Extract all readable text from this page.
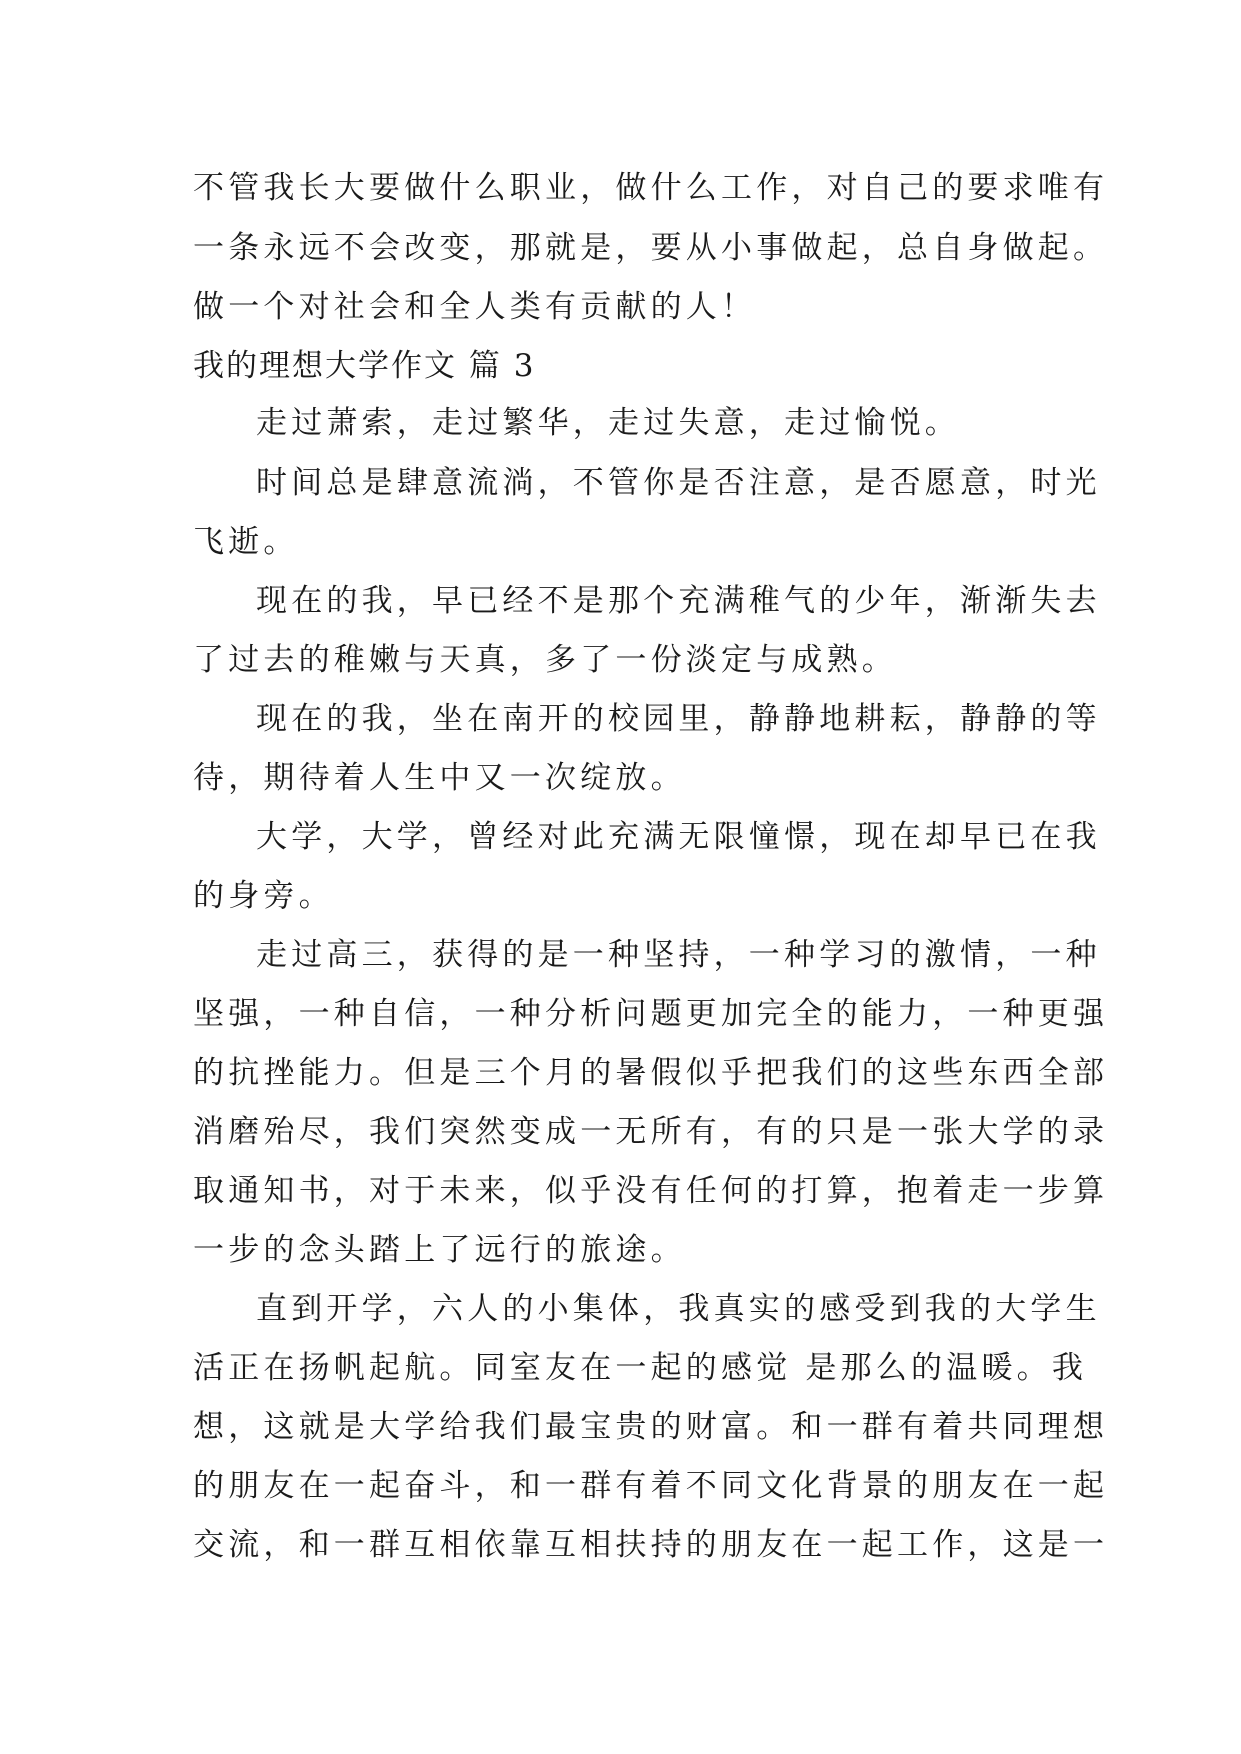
不管我长大要做什么职业，做什么工作，对自己的要求唯有
一条永远不会改变，那就是，要从小事做起，总自身做起。
做一个对社会和全人类有贡献的人！
我的理想大学作文 篇 3
走过萧索，走过繁华，走过失意，走过愉悦。
时间总是肆意流淌，不管你是否注意，是否愿意，时光
飞逝。
现在的我，早已经不是那个充满稚气的少年，渐渐失去
了过去的稚嫩与天真，多了一份淡定与成熟。
现在的我，坐在南开的校园里，静静地耕耘，静静的等
待，期待着人生中又一次绽放。
大学，大学，曾经对此充满无限憧憬，现在却早已在我
的身旁。
走过高三，获得的是一种坚持，一种学习的激情，一种
坚强，一种自信，一种分析问题更加完全的能力，一种更强
的抗挫能力。但是三个月的暑假似乎把我们的这些东西全部
消磨殆尽，我们突然变成一无所有，有的只是一张大学的录
取通知书，对于未来，似乎没有任何的打算，抱着走一步算
一步的念头踏上了远行的旅途。
直到开学，六人的小集体，我真实的感受到我的大学生
活正在扬帆起航。同室友在一起的感觉 是那么的温暖。我
想，这就是大学给我们最宝贵的财富。和一群有着共同理想
的朋友在一起奋斗，和一群有着不同文化背景的朋友在一起
交流，和一群互相依靠互相扶持的朋友在一起工作，这是一
